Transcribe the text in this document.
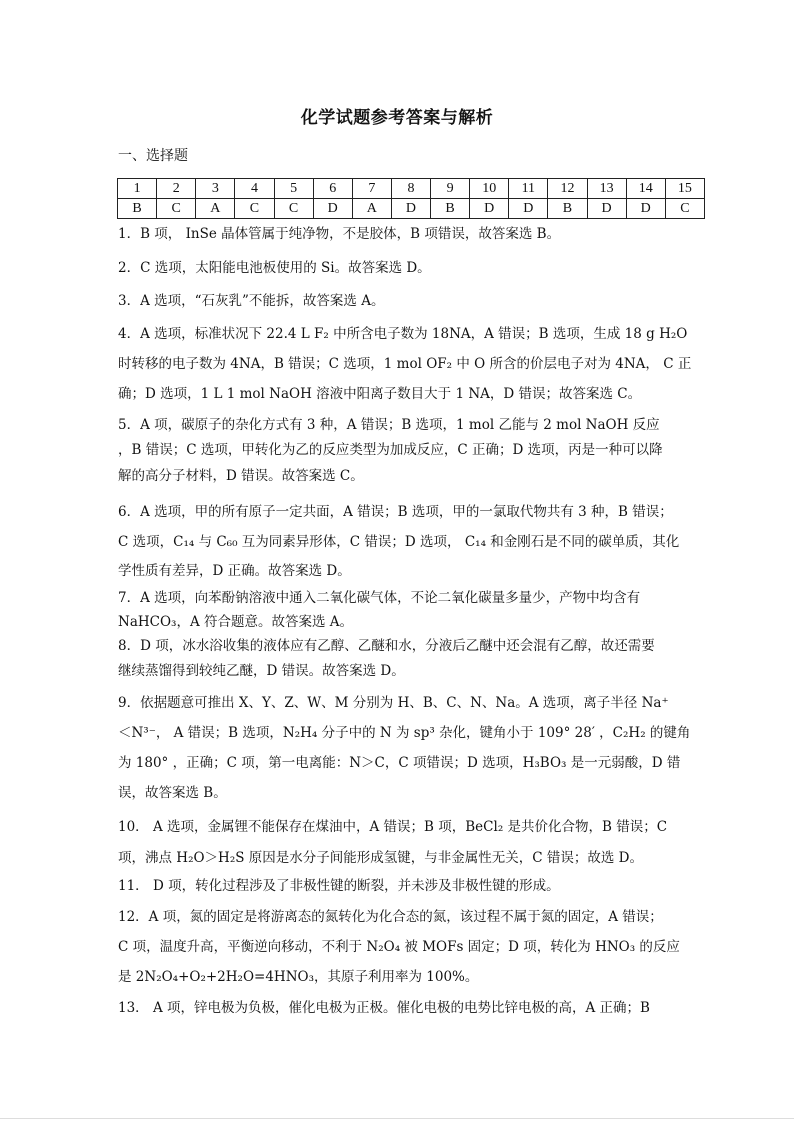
化学试题参考答案与解析
一、选择题
1	2	3	4	5	6	7	8	9	10	11	12	13	14	15
B	C	A	C	C	D	A	D	B	D	D	B	D	D	C
1．B 项， InSe 晶体管属于纯净物，不是胶体，B 项错误，故答案选 B。
2．C 选项，太阳能电池板使用的 Si。故答案选 D。
3．A 选项，“石灰乳”不能拆，故答案选 A。
4．A 选项，标准状况下 22.4 L F₂ 中所含电子数为 18NA，A 错误；B 选项，生成 18 g H₂O
时转移的电子数为 4NA，B 错误；C 选项，1 mol OF₂ 中 O 所含的价层电子对为 4NA， C 正
确；D 选项，1 L 1 mol NaOH 溶液中阳离子数目大于 1 NA，D 错误；故答案选 C。
5．A 项，碳原子的杂化方式有 3 种，A 错误；B 选项，1 mol 乙能与 2 mol NaOH 反应
，B 错误；C 选项，甲转化为乙的反应类型为加成反应，C 正确；D 选项，丙是一种可以降
解的高分子材料，D 错误。故答案选 C。
6．A 选项，甲的所有原子一定共面，A 错误；B 选项，甲的一氯取代物共有 3 种，B 错误；
C 选项，C₁₄ 与 C₆₀ 互为同素异形体，C 错误；D 选项， C₁₄ 和金刚石是不同的碳单质，其化
学性质有差异，D 正确。故答案选 D。
7．A 选项，向苯酚钠溶液中通入二氧化碳气体，不论二氧化碳量多量少，产物中均含有
NaHCO₃，A 符合题意。故答案选 A。
8．D 项，冰水浴收集的液体应有乙醇、乙醚和水，分液后乙醚中还会混有乙醇，故还需要
继续蒸馏得到较纯乙醚，D 错误。故答案选 D。
9．依据题意可推出 X、Y、Z、W、M 分别为 H、B、C、N、Na。A 选项，离子半径 Na⁺
＜N³⁻， A 错误；B 选项，N₂H₄ 分子中的 N 为 sp³ 杂化，键角小于 109° 28′ ，C₂H₂ 的键角
为 180° ，正确；C 项，第一电离能：N＞C，C 项错误；D 选项，H₃BO₃ 是一元弱酸，D 错
误，故答案选 B。
10． A 选项，金属锂不能保存在煤油中，A 错误；B 项，BeCl₂ 是共价化合物，B 错误；C
项，沸点 H₂O＞H₂S 原因是水分子间能形成氢键，与非金属性无关，C 错误；故选 D。
11． D 项，转化过程涉及了非极性键的断裂，并未涉及非极性键的形成。
12．A 项，氮的固定是将游离态的氮转化为化合态的氮，该过程不属于氮的固定，A 错误；
C 项，温度升高，平衡逆向移动，不利于 N₂O₄ 被 MOFs 固定；D 项，转化为 HNO₃ 的反应
是 2N₂O₄+O₂+2H₂O=4HNO₃，其原子利用率为 100%。
13． A 项，锌电极为负极，催化电极为正极。催化电极的电势比锌电极的高，A 正确；B
